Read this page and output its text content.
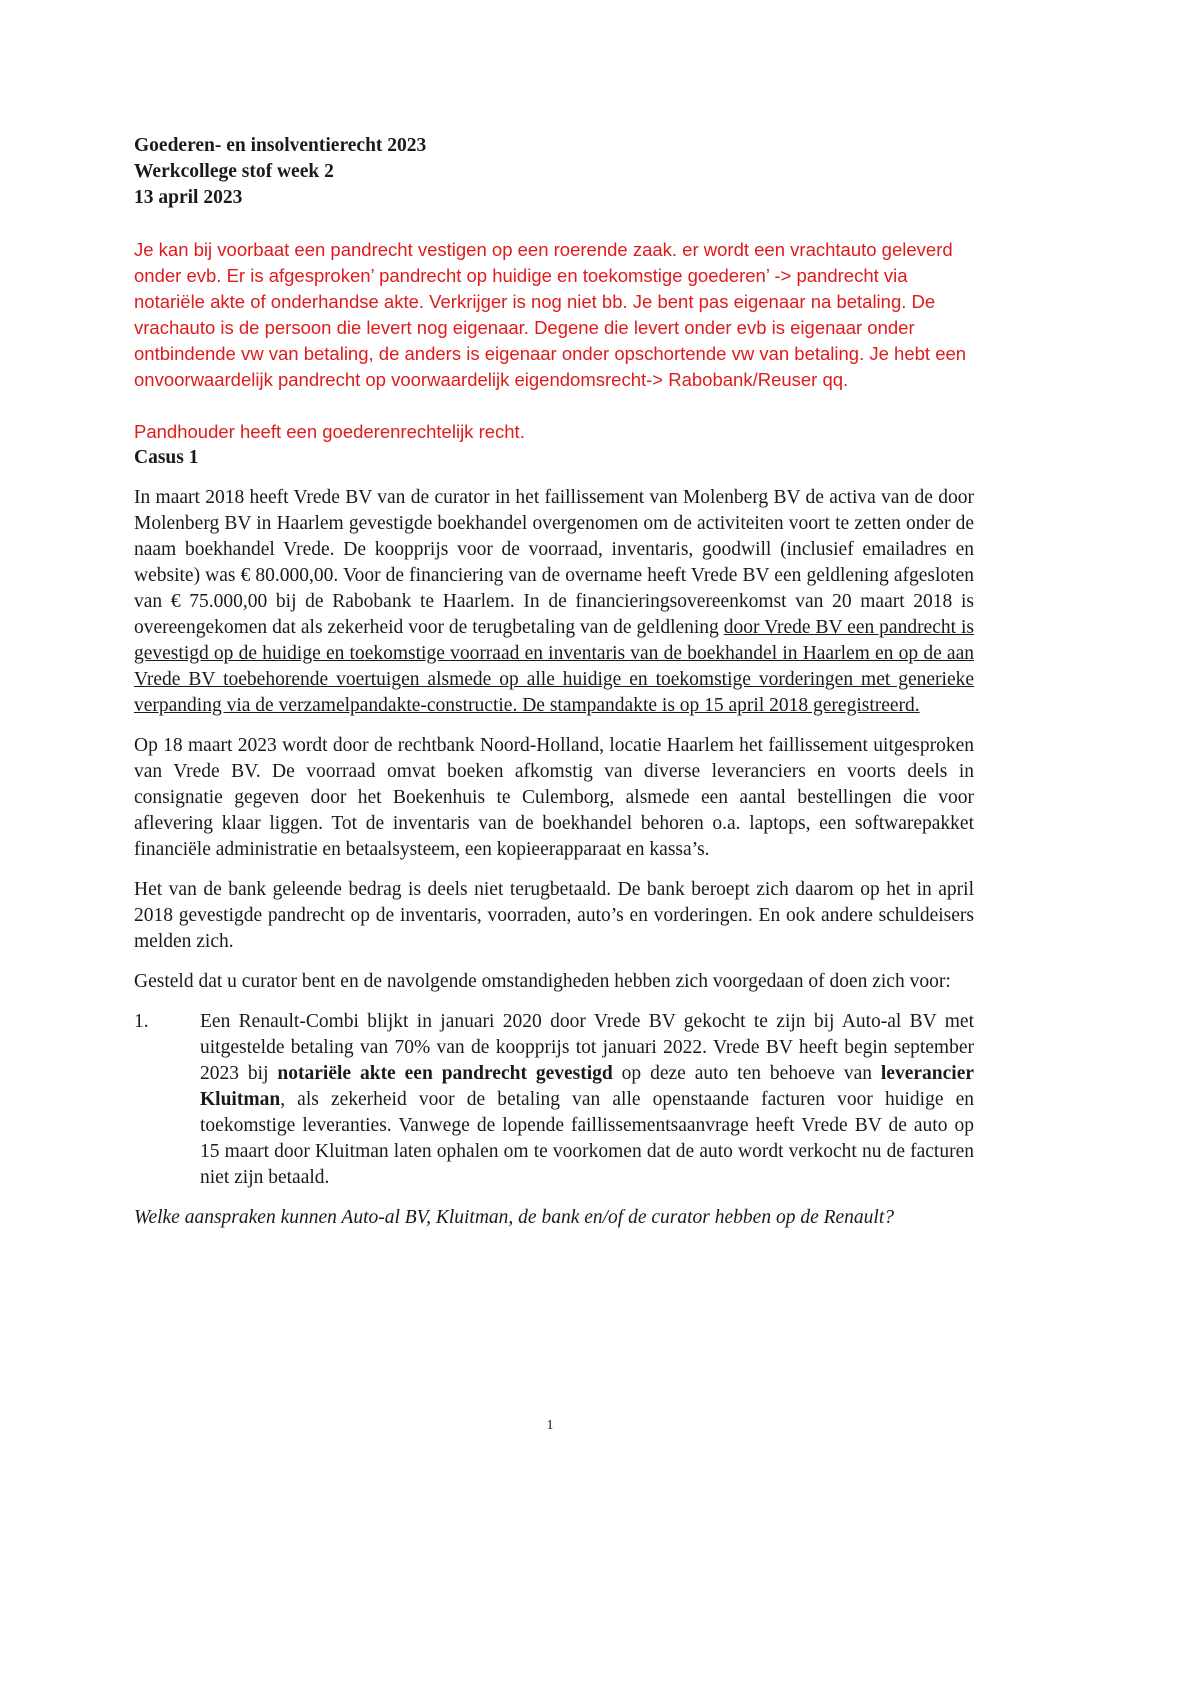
Goederen- en insolventierecht 2023
Werkcollege stof week 2
13 april 2023

Je kan bij voorbaat een pandrecht vestigen op een roerende zaak. er wordt een vrachtauto geleverd onder evb. Er is afgesproken’ pandrecht op huidige en toekomstige goederen’ -> pandrecht via notariële akte of onderhandse akte. Verkrijger is nog niet bb. Je bent pas eigenaar na betaling. De vrachauto is de persoon die levert nog eigenaar. Degene die levert onder evb is eigenaar onder ontbindende vw van betaling, de anders is eigenaar onder opschortende vw van betaling. Je hebt een onvoorwaardelijk pandrecht op voorwaardelijk eigendomsrecht-> Rabobank/Reuser qq.

Pandhouder heeft een goederenrechtelijk recht.

Casus 1

In maart 2018 heeft Vrede BV van de curator in het faillissement van Molenberg BV de activa van de door Molenberg BV in Haarlem gevestigde boekhandel overgenomen om de activiteiten voort te zetten onder de naam boekhandel Vrede. De koopprijs voor de voorraad, inventaris, goodwill (inclusief emailadres en website) was € 80.000,00. Voor de financiering van de overname heeft Vrede BV een geldlening afgesloten van € 75.000,00 bij de Rabobank te Haarlem. In de financieringsovereenkomst van 20 maart 2018 is overeengekomen dat als zekerheid voor de terugbetaling van de geldlening door Vrede BV een pandrecht is gevestigd op de huidige en toekomstige voorraad en inventaris van de boekhandel in Haarlem en op de aan Vrede BV toebehorende voertuigen alsmede op alle huidige en toekomstige vorderingen met generieke verpanding via de verzamelpandakte-constructie. De stampandakte is op 15 april 2018 geregistreerd.

Op 18 maart 2023 wordt door de rechtbank Noord-Holland, locatie Haarlem het faillissement uitgesproken van Vrede BV. De voorraad omvat boeken afkomstig van diverse leveranciers en voorts deels in consignatie gegeven door het Boekenhuis te Culemborg, alsmede een aantal bestellingen die voor aflevering klaar liggen. Tot de inventaris van de boekhandel behoren o.a. laptops, een softwarepakket financiële administratie en betaalsysteem, een kopieerapparaat en kassa’s.

Het van de bank geleende bedrag is deels niet terugbetaald. De bank beroept zich daarom op het in april 2018 gevestigde pandrecht op de inventaris, voorraden, auto’s en vorderingen. En ook andere schuldeisers melden zich.

Gesteld dat u curator bent en de navolgende omstandigheden hebben zich voorgedaan of doen zich voor:

1.	Een Renault-Combi blijkt in januari 2020 door Vrede BV gekocht te zijn bij Auto-al BV met uitgestelde betaling van 70% van de koopprijs tot januari 2022. Vrede BV heeft begin september 2023 bij notariële akte een pandrecht gevestigd op deze auto ten behoeve van leverancier Kluitman, als zekerheid voor de betaling van alle openstaande facturen voor huidige en toekomstige leveranties. Vanwege de lopende faillissementsaanvrage heeft Vrede BV de auto op 15 maart door Kluitman laten ophalen om te voorkomen dat de auto wordt verkocht nu de facturen niet zijn betaald.

Welke aanspraken kunnen Auto-al BV, Kluitman, de bank en/of de curator hebben op de Renault?

1
